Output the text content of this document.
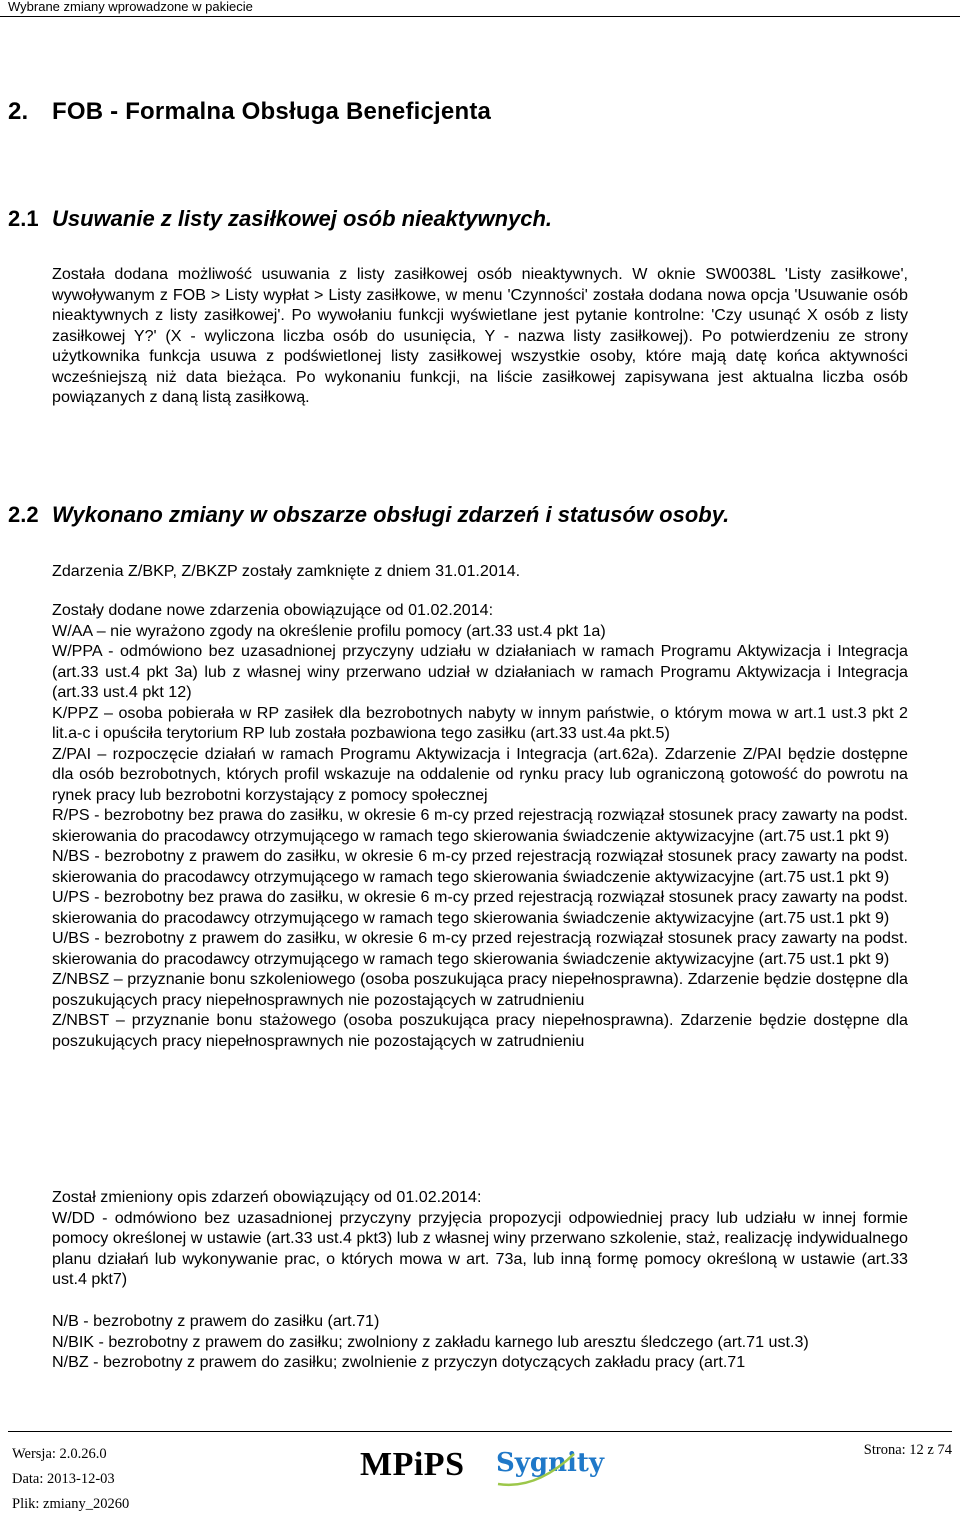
Wybrane zmiany wprowadzone w pakiecie
2. FOB - Formalna Obsługa Beneficjenta
2.1 Usuwanie z listy zasiłkowej osób nieaktywnych.

Została dodana możliwość usuwania z listy zasiłkowej osób nieaktywnych. W oknie SW0038L 'Listy zasiłkowe', wywoływanym z FOB > Listy wypłat > Listy zasiłkowe, w menu 'Czynności' została dodana nowa opcja 'Usuwanie osób nieaktywnych z listy zasiłkowej'. Po wywołaniu funkcji wyświetlane jest pytanie kontrolne: 'Czy usunąć X osób z listy zasiłkowej Y?' (X - wyliczona liczba osób do usunięcia, Y - nazwa listy zasiłkowej). Po potwierdzeniu ze strony użytkownika funkcja usuwa z podświetlonej listy zasiłkowej wszystkie osoby, które mają datę końca aktywności wcześniejszą niż data bieżąca. Po wykonaniu funkcji, na liście zasiłkowej zapisywana jest aktualna liczba osób powiązanych z daną listą zasiłkową.

2.2 Wykonano zmiany w obszarze obsługi zdarzeń i statusów osoby.

Zdarzenia Z/BKP, Z/BKZP zostały zamknięte z dniem 31.01.2014.

Zostały dodane nowe zdarzenia obowiązujące od 01.02.2014:

W/AA – nie wyrażono zgody na określenie profilu pomocy (art.33 ust.4 pkt 1a)

W/PPA - odmówiono bez uzasadnionej przyczyny udziału w działaniach w ramach Programu Aktywizacja i Integracja (art.33 ust.4 pkt 3a) lub z własnej winy przerwano udział w działaniach w ramach Programu Aktywizacja i Integracja (art.33 ust.4 pkt 12)

K/PPZ – osoba pobierała w RP zasiłek dla bezrobotnych nabyty w innym państwie, o którym mowa w art.1 ust.3 pkt 2 lit.a-c i opuściła terytorium RP lub została pozbawiona tego zasiłku (art.33 ust.4a pkt.5)

Z/PAI – rozpoczęcie działań w ramach Programu Aktywizacja i Integracja (art.62a). Zdarzenie Z/PAI będzie dostępne dla osób bezrobotnych, których profil wskazuje na oddalenie od rynku pracy lub ograniczoną gotowość do powrotu na rynek pracy lub bezrobotni korzystający z pomocy społecznej

R/PS - bezrobotny bez prawa do zasiłku, w okresie 6 m-cy przed rejestracją rozwiązał stosunek pracy zawarty na podst. skierowania do pracodawcy otrzymującego w ramach tego skierowania świadczenie aktywizacyjne (art.75 ust.1 pkt 9)

N/BS - bezrobotny z prawem do zasiłku, w okresie 6 m-cy przed rejestracją rozwiązał stosunek pracy zawarty na podst. skierowania do pracodawcy otrzymującego w ramach tego skierowania świadczenie aktywizacyjne (art.75 ust.1 pkt 9)

U/PS - bezrobotny bez prawa do zasiłku, w okresie 6 m-cy przed rejestracją rozwiązał stosunek pracy zawarty na podst. skierowania do pracodawcy otrzymującego w ramach tego skierowania świadczenie aktywizacyjne (art.75 ust.1 pkt 9)

U/BS - bezrobotny z prawem do zasiłku, w okresie 6 m-cy przed rejestracją rozwiązał stosunek pracy zawarty na podst. skierowania do pracodawcy otrzymującego w ramach tego skierowania świadczenie aktywizacyjne (art.75 ust.1 pkt 9)

Z/NBSZ – przyznanie bonu szkoleniowego (osoba poszukująca pracy niepełnosprawna). Zdarzenie będzie dostępne dla poszukujących pracy niepełnosprawnych nie pozostających w zatrudnieniu

Z/NBST – przyznanie bonu stażowego (osoba poszukująca pracy niepełnosprawna). Zdarzenie będzie dostępne dla poszukujących pracy niepełnosprawnych nie pozostających w zatrudnieniu

Został zmieniony opis zdarzeń obowiązujący od 01.02.2014:

W/DD - odmówiono bez uzasadnionej przyczyny przyjęcia propozycji odpowiedniej pracy lub udziału w innej formie pomocy określonej w ustawie (art.33 ust.4 pkt3) lub z własnej winy przerwano szkolenie, staż, realizację indywidualnego planu działań lub wykonywanie prac, o których mowa w art. 73a, lub inną formę pomocy określoną w ustawie (art.33 ust.4 pkt7)

N/B - bezrobotny z prawem do zasiłku (art.71)

N/BIK - bezrobotny z prawem do zasiłku; zwolniony z zakładu karnego lub aresztu śledczego (art.71 ust.3)

N/BZ - bezrobotny z prawem do zasiłku; zwolnienie z przyczyn dotyczących zakładu pracy (art.71

Wersja: 2.0.26.0
Data: 2013-12-03
Plik: zmiany_20260
MPiPS Sygnity	Strona: 12 z 74
